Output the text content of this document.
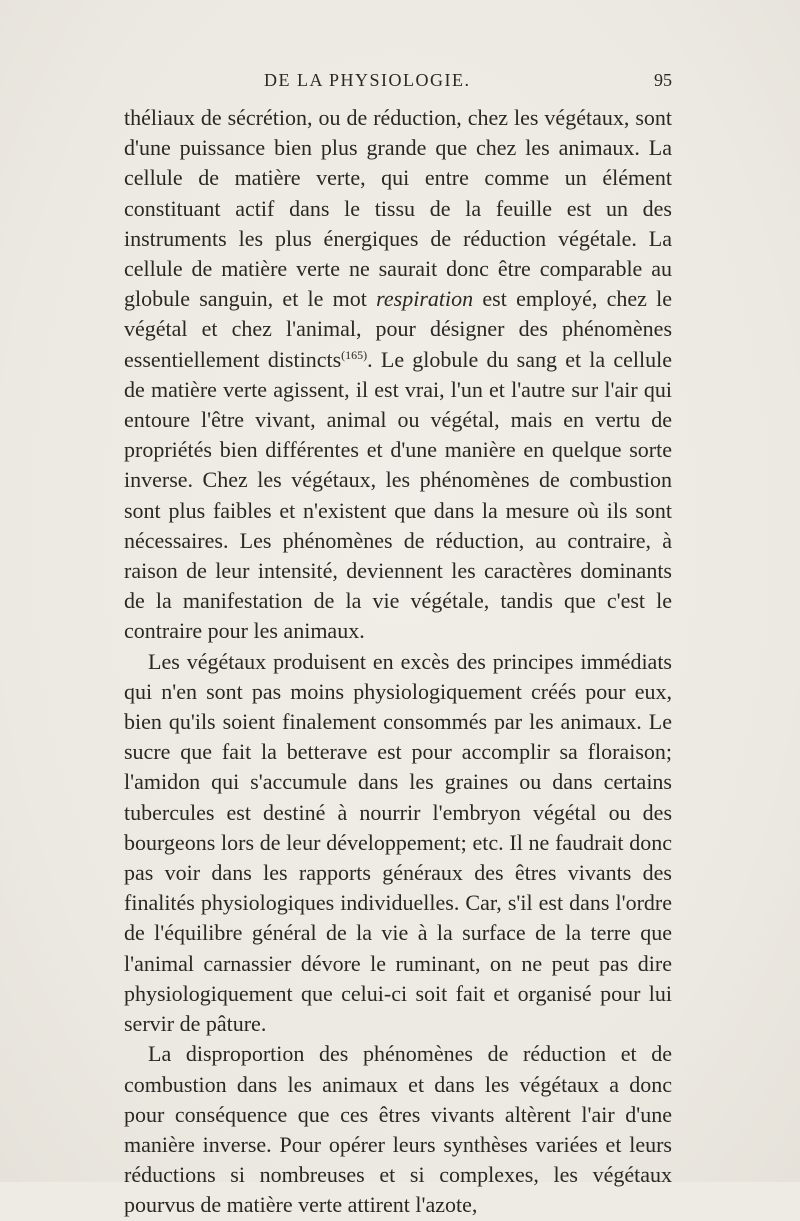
DE LA PHYSIOLOGIE.	95

théliaux de sécrétion, ou de réduction, chez les végétaux, sont d'une puissance bien plus grande que chez les animaux. La cellule de matière verte, qui entre comme un élément constituant actif dans le tissu de la feuille est un des instruments les plus énergiques de réduction végétale. La cellule de matière verte ne saurait donc être comparable au globule sanguin, et le mot respiration est employé, chez le végétal et chez l'animal, pour désigner des phénomènes essentiellement distincts$^{(165)}$. Le globule du sang et la cellule de matière verte agissent, il est vrai, l'un et l'autre sur l'air qui entoure l'être vivant, animal ou végétal, mais en vertu de propriétés bien différentes et d'une manière en quelque sorte inverse. Chez les végétaux, les phénomènes de combustion sont plus faibles et n'existent que dans la mesure où ils sont nécessaires. Les phénomènes de réduction, au contraire, à raison de leur intensité, deviennent les caractères dominants de la manifestation de la vie végétale, tandis que c'est le contraire pour les animaux.

Les végétaux produisent en excès des principes immédiats qui n'en sont pas moins physiologiquement créés pour eux, bien qu'ils soient finalement consommés par les animaux. Le sucre que fait la betterave est pour accomplir sa floraison; l'amidon qui s'accumule dans les graines ou dans certains tubercules est destiné à nourrir l'embryon végétal ou des bourgeons lors de leur développement; etc. Il ne faudrait donc pas voir dans les rapports généraux des êtres vivants des finalités physiologiques individuelles. Car, s'il est dans l'ordre de l'équilibre général de la vie à la surface de la terre que l'animal carnassier dévore le ruminant, on ne peut pas dire physiologiquement que celui-ci soit fait et organisé pour lui servir de pâture.

La disproportion des phénomènes de réduction et de combustion dans les animaux et dans les végétaux a donc pour conséquence que ces êtres vivants altèrent l'air d'une manière inverse. Pour opérer leurs synthèses variées et leurs réductions si nombreuses et si complexes, les végétaux pourvus de matière verte attirent l'azote,
